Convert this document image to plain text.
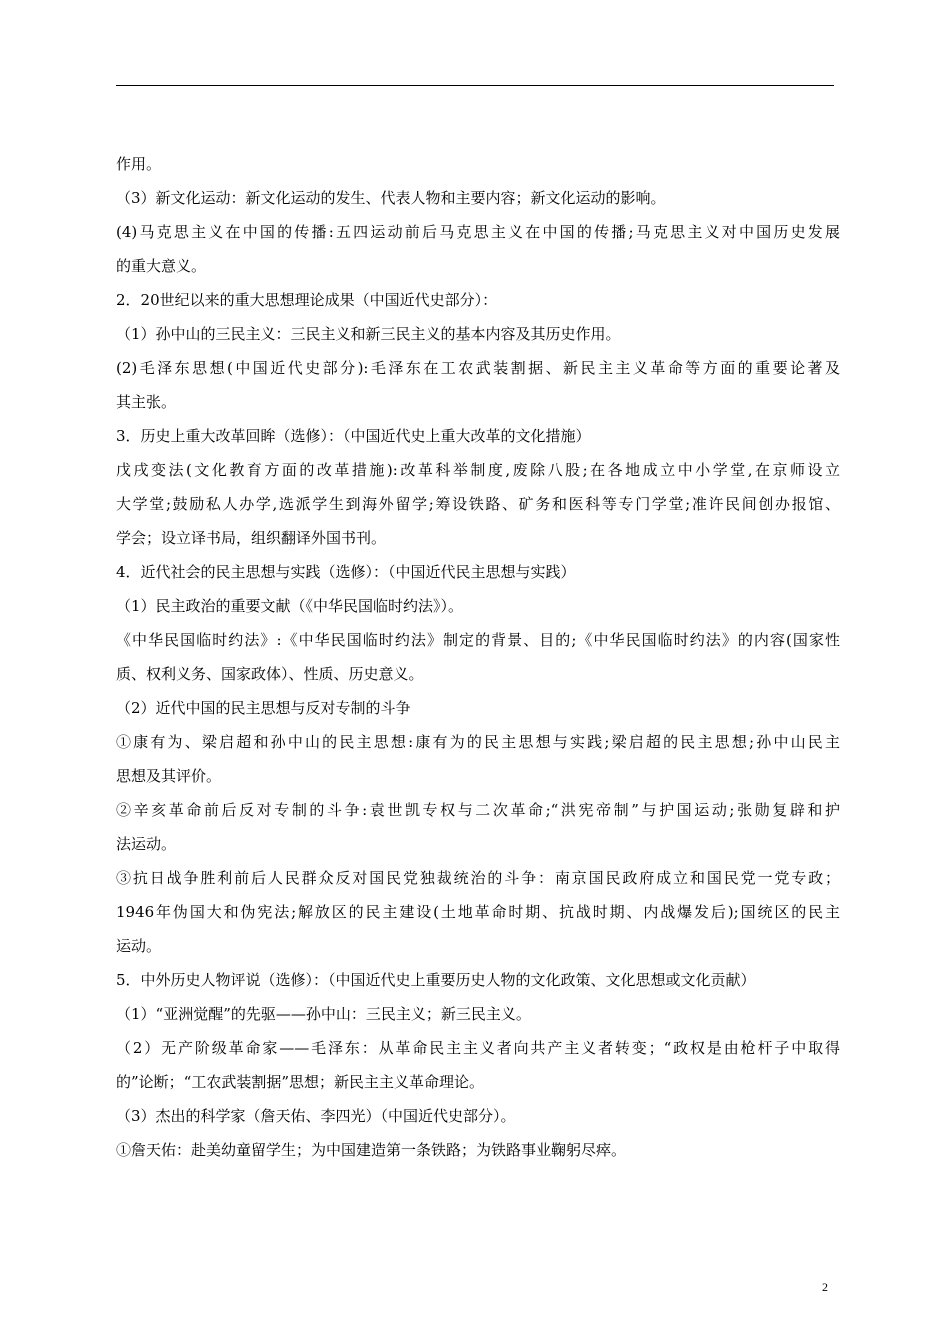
作用。
（3）新文化运动：新文化运动的发生、代表人物和主要内容；新文化运动的影响。
(4)马克思主义在中国的传播:五四运动前后马克思主义在中国的传播;马克思主义对中国历史发展
的重大意义。
2．20世纪以来的重大思想理论成果（中国近代史部分）：
（1）孙中山的三民主义：三民主义和新三民主义的基本内容及其历史作用。
(2)毛泽东思想(中国近代史部分):毛泽东在工农武装割据、新民主主义革命等方面的重要论著及
其主张。
3．历史上重大改革回眸（选修）：（中国近代史上重大改革的文化措施）
戊戌变法(文化教育方面的改革措施):改革科举制度,废除八股;在各地成立中小学堂,在京师设立
大学堂;鼓励私人办学,选派学生到海外留学;筹设铁路、矿务和医科等专门学堂;准许民间创办报馆、
学会；设立译书局，组织翻译外国书刊。
4．近代社会的民主思想与实践（选修）：（中国近代民主思想与实践）
（1）民主政治的重要文献（《中华民国临时约法》）。
《中华民国临时约法》:《中华民国临时约法》制定的背景、目的;《中华民国临时约法》的内容(国家性
质、权利义务、国家政体）、性质、历史意义。
（2）近代中国的民主思想与反对专制的斗争
①康有为、梁启超和孙中山的民主思想:康有为的民主思想与实践;梁启超的民主思想;孙中山民主
思想及其评价。
②辛亥革命前后反对专制的斗争:袁世凯专权与二次革命;“洪宪帝制”与护国运动;张勋复辟和护
法运动。
③抗日战争胜利前后人民群众反对国民党独裁统治的斗争：南京国民政府成立和国民党一党专政；
1946年伪国大和伪宪法;解放区的民主建设(土地革命时期、抗战时期、内战爆发后);国统区的民主
运动。
5．中外历史人物评说（选修）：（中国近代史上重要历史人物的文化政策、文化思想或文化贡献）
（1）“亚洲觉醒”的先驱——孙中山：三民主义；新三民主义。
（2）无产阶级革命家——毛泽东：从革命民主主义者向共产主义者转变；“政权是由枪杆子中取得
的”论断；“工农武装割据”思想；新民主主义革命理论。
（3）杰出的科学家（詹天佑、李四光）（中国近代史部分）。
①詹天佑：赴美幼童留学生；为中国建造第一条铁路；为铁路事业鞠躬尽瘁。
2
